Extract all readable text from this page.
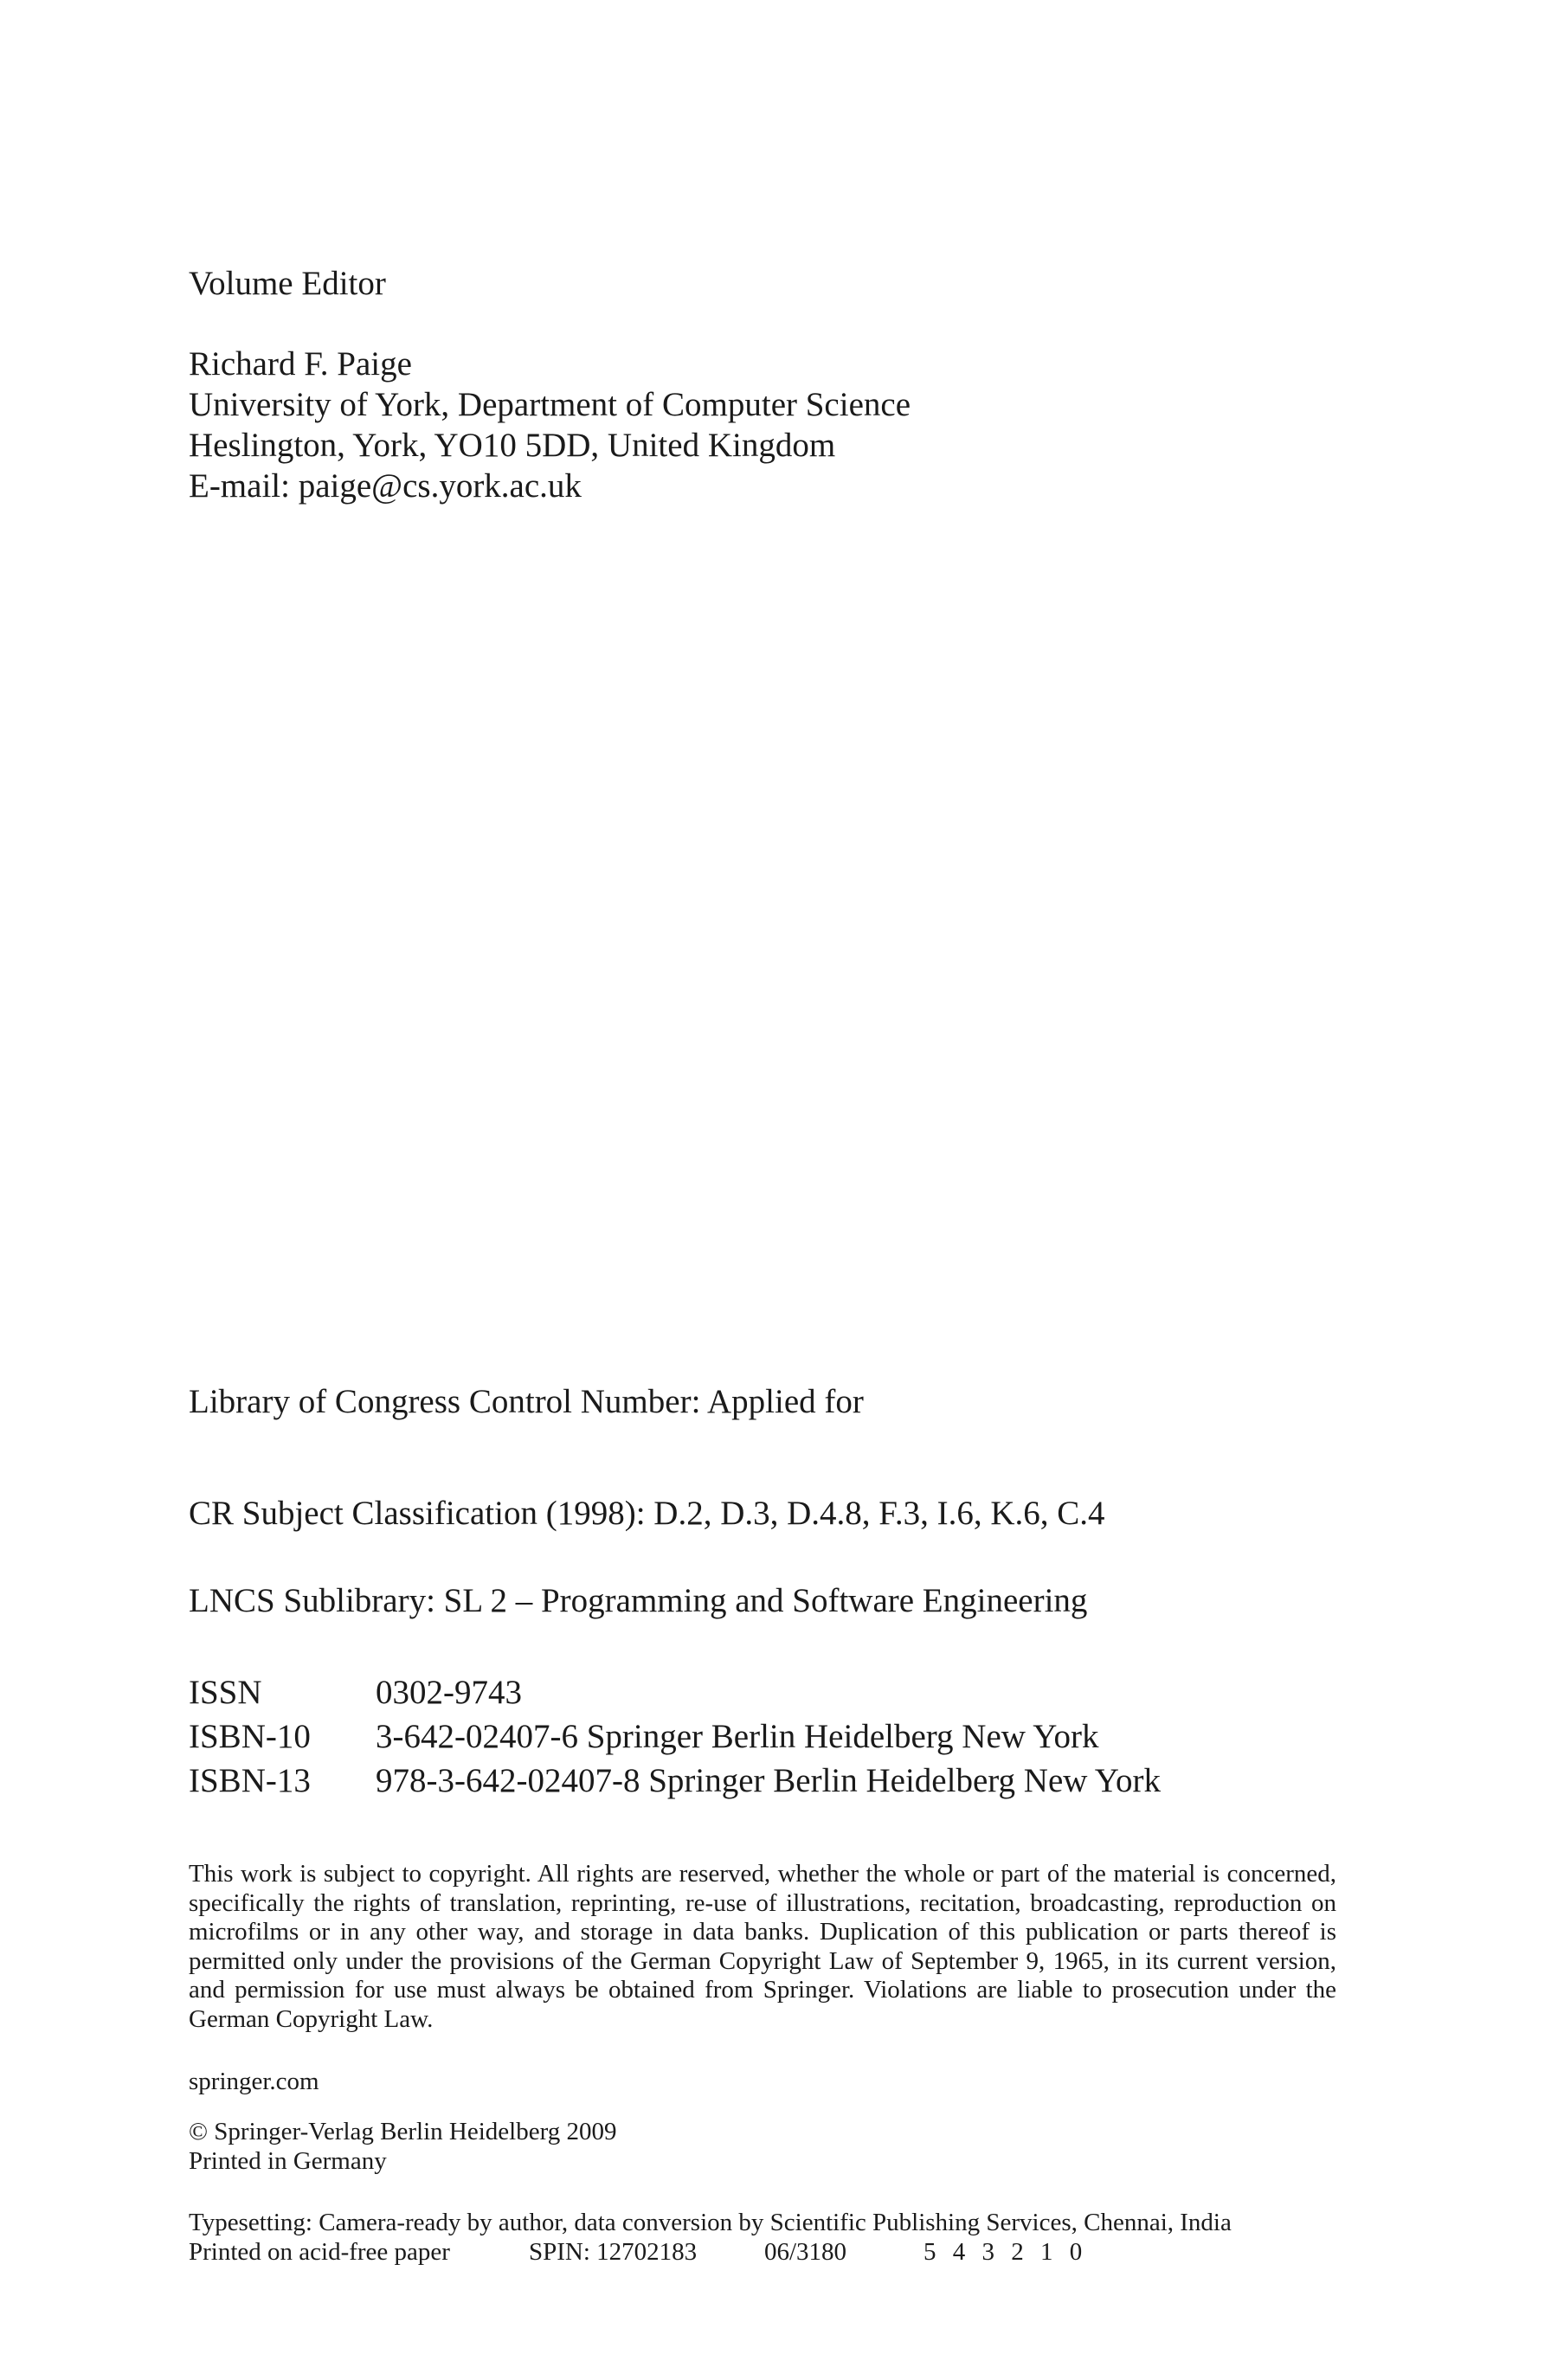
Volume Editor
Richard F. Paige
University of York, Department of Computer Science
Heslington, York, YO10 5DD, United Kingdom
E-mail: paige@cs.york.ac.uk
Library of Congress Control Number: Applied for
CR Subject Classification (1998): D.2, D.3, D.4.8, F.3, I.6, K.6, C.4
LNCS Sublibrary: SL 2 – Programming and Software Engineering
ISSN	0302-9743
ISBN-10	3-642-02407-6 Springer Berlin Heidelberg New York
ISBN-13	978-3-642-02407-8 Springer Berlin Heidelberg New York
This work is subject to copyright. All rights are reserved, whether the whole or part of the material is concerned, specifically the rights of translation, reprinting, re-use of illustrations, recitation, broadcasting, reproduction on microfilms or in any other way, and storage in data banks. Duplication of this publication or parts thereof is permitted only under the provisions of the German Copyright Law of September 9, 1965, in its current version, and permission for use must always be obtained from Springer. Violations are liable to prosecution under the German Copyright Law.
springer.com
© Springer-Verlag Berlin Heidelberg 2009
Printed in Germany
Typesetting: Camera-ready by author, data conversion by Scientific Publishing Services, Chennai, India
Printed on acid-free paper	SPIN: 12702183	06/3180	5 4 3 2 1 0
